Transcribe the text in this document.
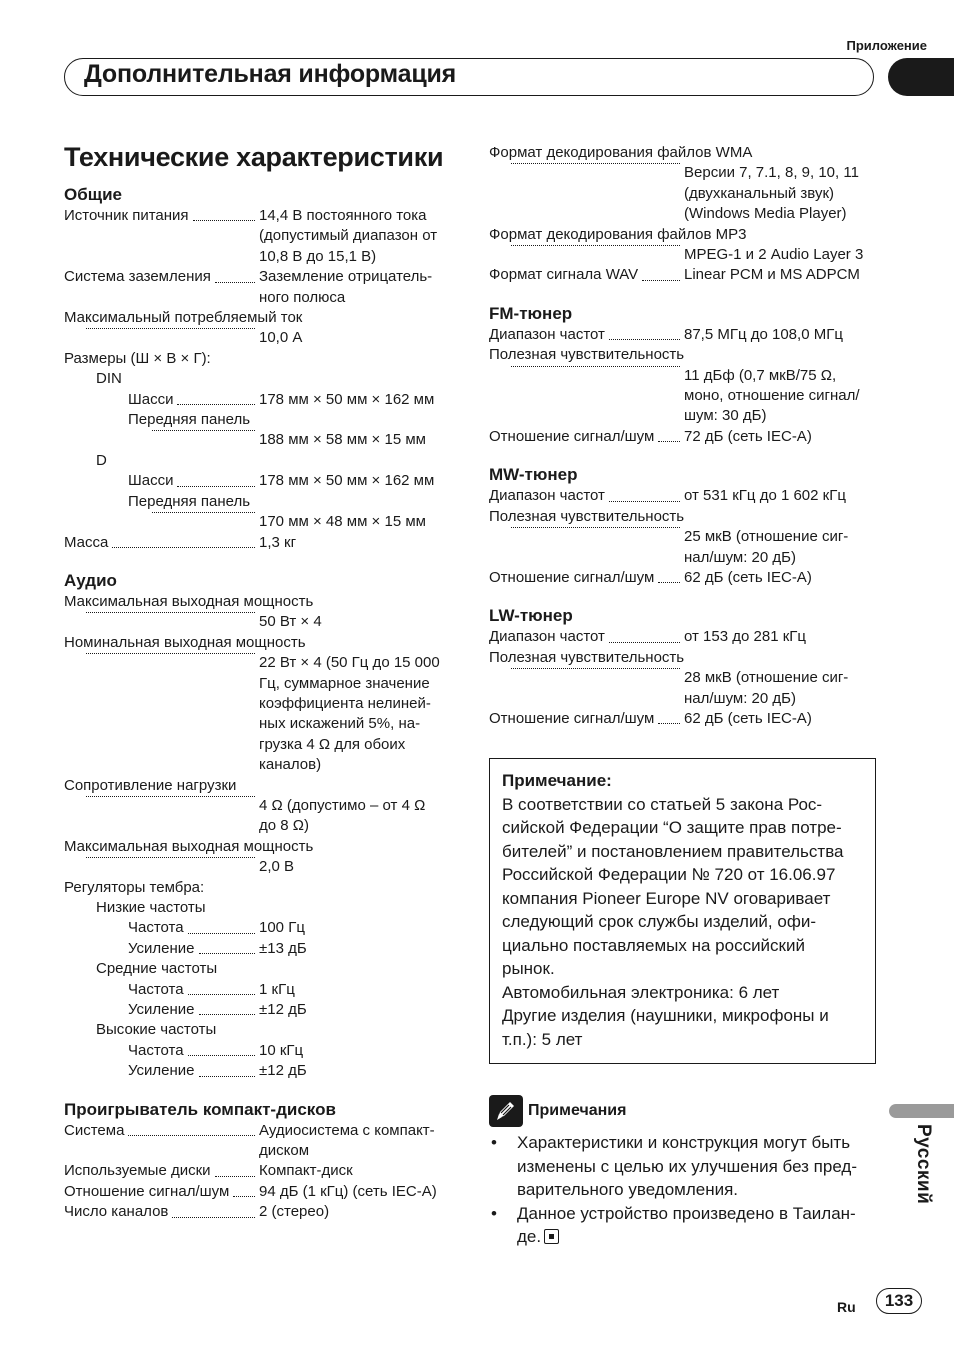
Приложение
Дополнительная информация
Технические характеристики
Общие
Источник питания	14,4 В постоянного тока
(допустимый диапазон от
10,8 В до 15,1 В)
Система заземления	Заземление отрицатель-
ного полюса
Максимальный потребляемый ток
10,0 А
Размеры (Ш × В × Г):
DIN
Шасси	178 мм × 50 мм × 162 мм
Передняя панель
188 мм × 58 мм × 15 мм
D
Шасси	178 мм × 50 мм × 162 мм
Передняя панель
170 мм × 48 мм × 15 мм
Масса	1,3 кг
Аудио
Максимальная выходная мощность
50 Вт × 4
Номинальная выходная мощность
22 Вт × 4 (50 Гц до 15 000
Гц, суммарное значение
коэффициента нелиней-
ных искажений 5%, на-
грузка 4 Ω для обоих
каналов)
Сопротивление нагрузки
4 Ω (допустимо – от 4 Ω
до 8 Ω)
Максимальная выходная мощность
2,0 В
Регуляторы тембра:
Низкие частоты
Частота	100 Гц
Усиление	±13 дБ
Средние частоты
Частота	1 кГц
Усиление	±12 дБ
Высокие частоты
Частота	10 кГц
Усиление	±12 дБ
Проигрыватель компакт-дисков
Система	Аудиосистема с компакт-
диском
Используемые диски	Компакт-диск
Отношение сигнал/шум 94 дБ (1 кГц) (сеть IEC-A)
Число каналов	2 (стерео)
Формат декодирования файлов WMA
Версии 7, 7.1, 8, 9, 10, 11
(двухканальный звук)
(Windows Media Player)
Формат декодирования файлов MP3
MPEG-1 и 2 Audio Layer 3
Формат сигнала WAV	Linear PCM и MS ADPCM
FM-тюнер
Диапазон частот	87,5 МГц до 108,0 МГц
Полезная чувствительность
11 дБф (0,7 мкВ/75 Ω,
моно, отношение сигнал/
шум: 30 дБ)
Отношение сигнал/шум 72 дБ (сеть IEC-A)
MW-тюнер
Диапазон частот	от 531 кГц до 1 602 кГц
Полезная чувствительность
25 мкВ (отношение сиг-
нал/шум: 20 дБ)
Отношение сигнал/шум 62 дБ (сеть IEC-A)
LW-тюнер
Диапазон частот	от 153 до 281 кГц
Полезная чувствительность
28 мкВ (отношение сиг-
нал/шум: 20 дБ)
Отношение сигнал/шум 62 дБ (сеть IEC-A)
Примечание:
В соответствии со статьей 5 закона Рос-
сийской Федерации “О защите прав потре-
бителей” и постановлением правительства
Российской Федерации № 720 от 16.06.97
компания Pioneer Europe NV оговаривает
следующий срок службы изделий, офи-
циально поставляемых на российский
рынок.
Автомобильная электроника: 6 лет
Другие изделия (наушники, микрофоны и
т.п.): 5 лет
Примечания
•	Характеристики и конструкция могут быть
изменены с целью их улучшения без пред-
варительного уведомления.
•	Данное устройство произведено в Таилан-
де.
Русский
Ru	133
